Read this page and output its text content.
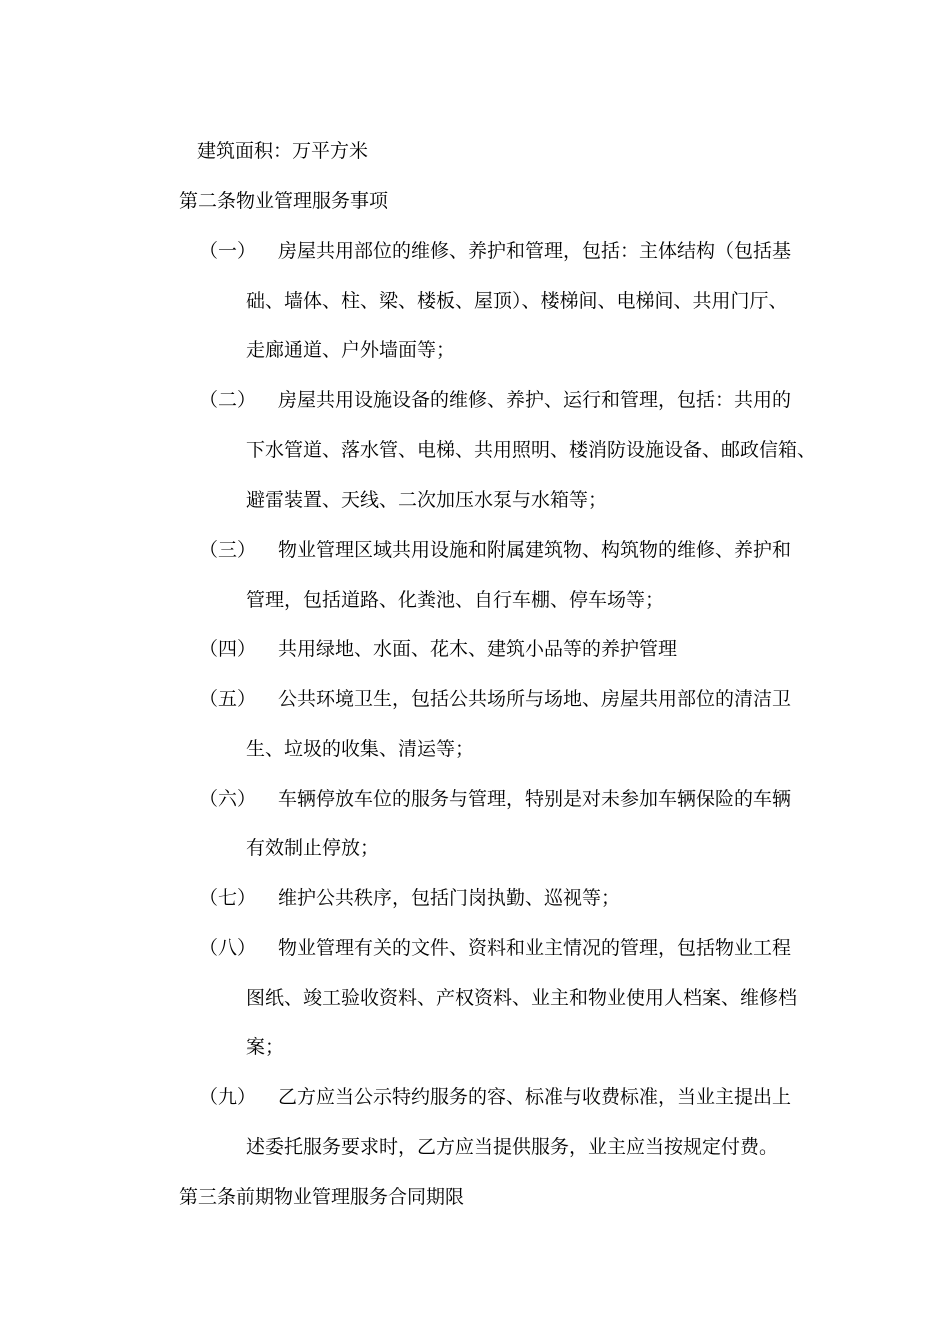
建筑面积：万平方米
第二条物业管理服务事项
（一） 房屋共用部位的维修、养护和管理，包括：主体结构（包括基
础、墙体、柱、梁、楼板、屋顶）、楼梯间、电梯间、共用门厅、
走廊通道、户外墙面等；
（二） 房屋共用设施设备的维修、养护、运行和管理，包括：共用的
下水管道、落水管、电梯、共用照明、楼消防设施设备、邮政信箱、
避雷装置、天线、二次加压水泵与水箱等；
（三） 物业管理区域共用设施和附属建筑物、构筑物的维修、养护和
管理，包括道路、化粪池、自行车棚、停车场等；
（四） 共用绿地、水面、花木、建筑小品等的养护管理
（五） 公共环境卫生，包括公共场所与场地、房屋共用部位的清洁卫
生、垃圾的收集、清运等；
（六） 车辆停放车位的服务与管理，特别是对未参加车辆保险的车辆
有效制止停放；
（七） 维护公共秩序，包括门岗执勤、巡视等；
（八） 物业管理有关的文件、资料和业主情况的管理，包括物业工程
图纸、竣工验收资料、产权资料、业主和物业使用人档案、维修档
案；
（九） 乙方应当公示特约服务的容、标准与收费标准，当业主提出上
述委托服务要求时，乙方应当提供服务，业主应当按规定付费。
第三条前期物业管理服务合同期限
